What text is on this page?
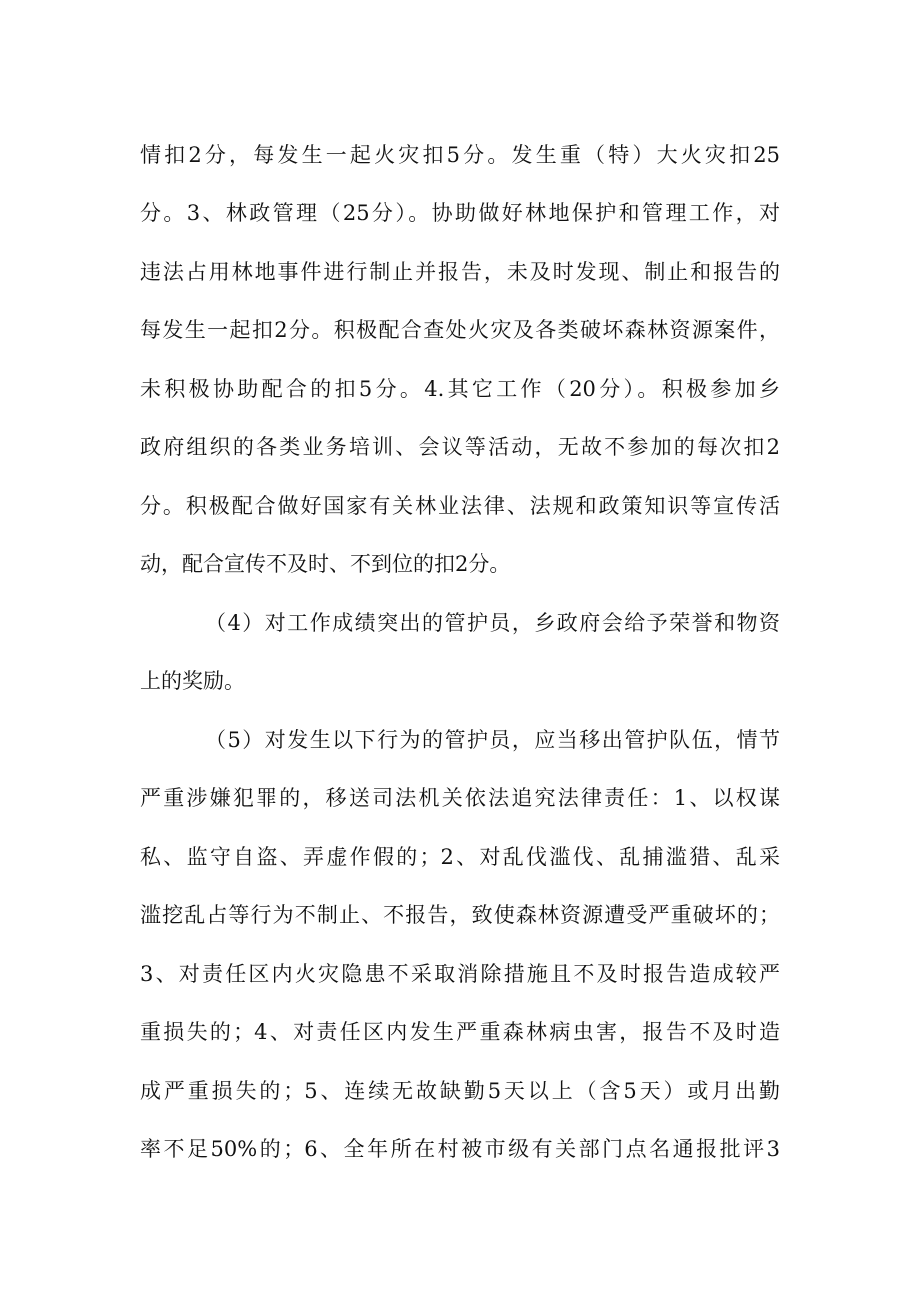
情扣2分，每发生一起火灾扣5分。发生重（特）大火灾扣25
分。3、林政管理（25分）。协助做好林地保护和管理工作，对
违法占用林地事件进行制止并报告，未及时发现、制止和报告的
每发生一起扣2分。积极配合查处火灾及各类破坏森林资源案件，
未积极协助配合的扣5分。4.其它工作（20分）。积极参加乡
政府组织的各类业务培训、会议等活动，无故不参加的每次扣2
分。积极配合做好国家有关林业法律、法规和政策知识等宣传活
动，配合宣传不及时、不到位的扣2分。
（4）对工作成绩突出的管护员，乡政府会给予荣誉和物资
上的奖励。
（5）对发生以下行为的管护员，应当移出管护队伍，情节
严重涉嫌犯罪的，移送司法机关依法追究法律责任：1、以权谋
私、监守自盗、弄虚作假的；2、对乱伐滥伐、乱捕滥猎、乱采
滥挖乱占等行为不制止、不报告，致使森林资源遭受严重破坏的；
3、对责任区内火灾隐患不采取消除措施且不及时报告造成较严
重损失的；4、对责任区内发生严重森林病虫害，报告不及时造
成严重损失的；5、连续无故缺勤5天以上（含5天）或月出勤
率不足50%的；6、全年所在村被市级有关部门点名通报批评3
